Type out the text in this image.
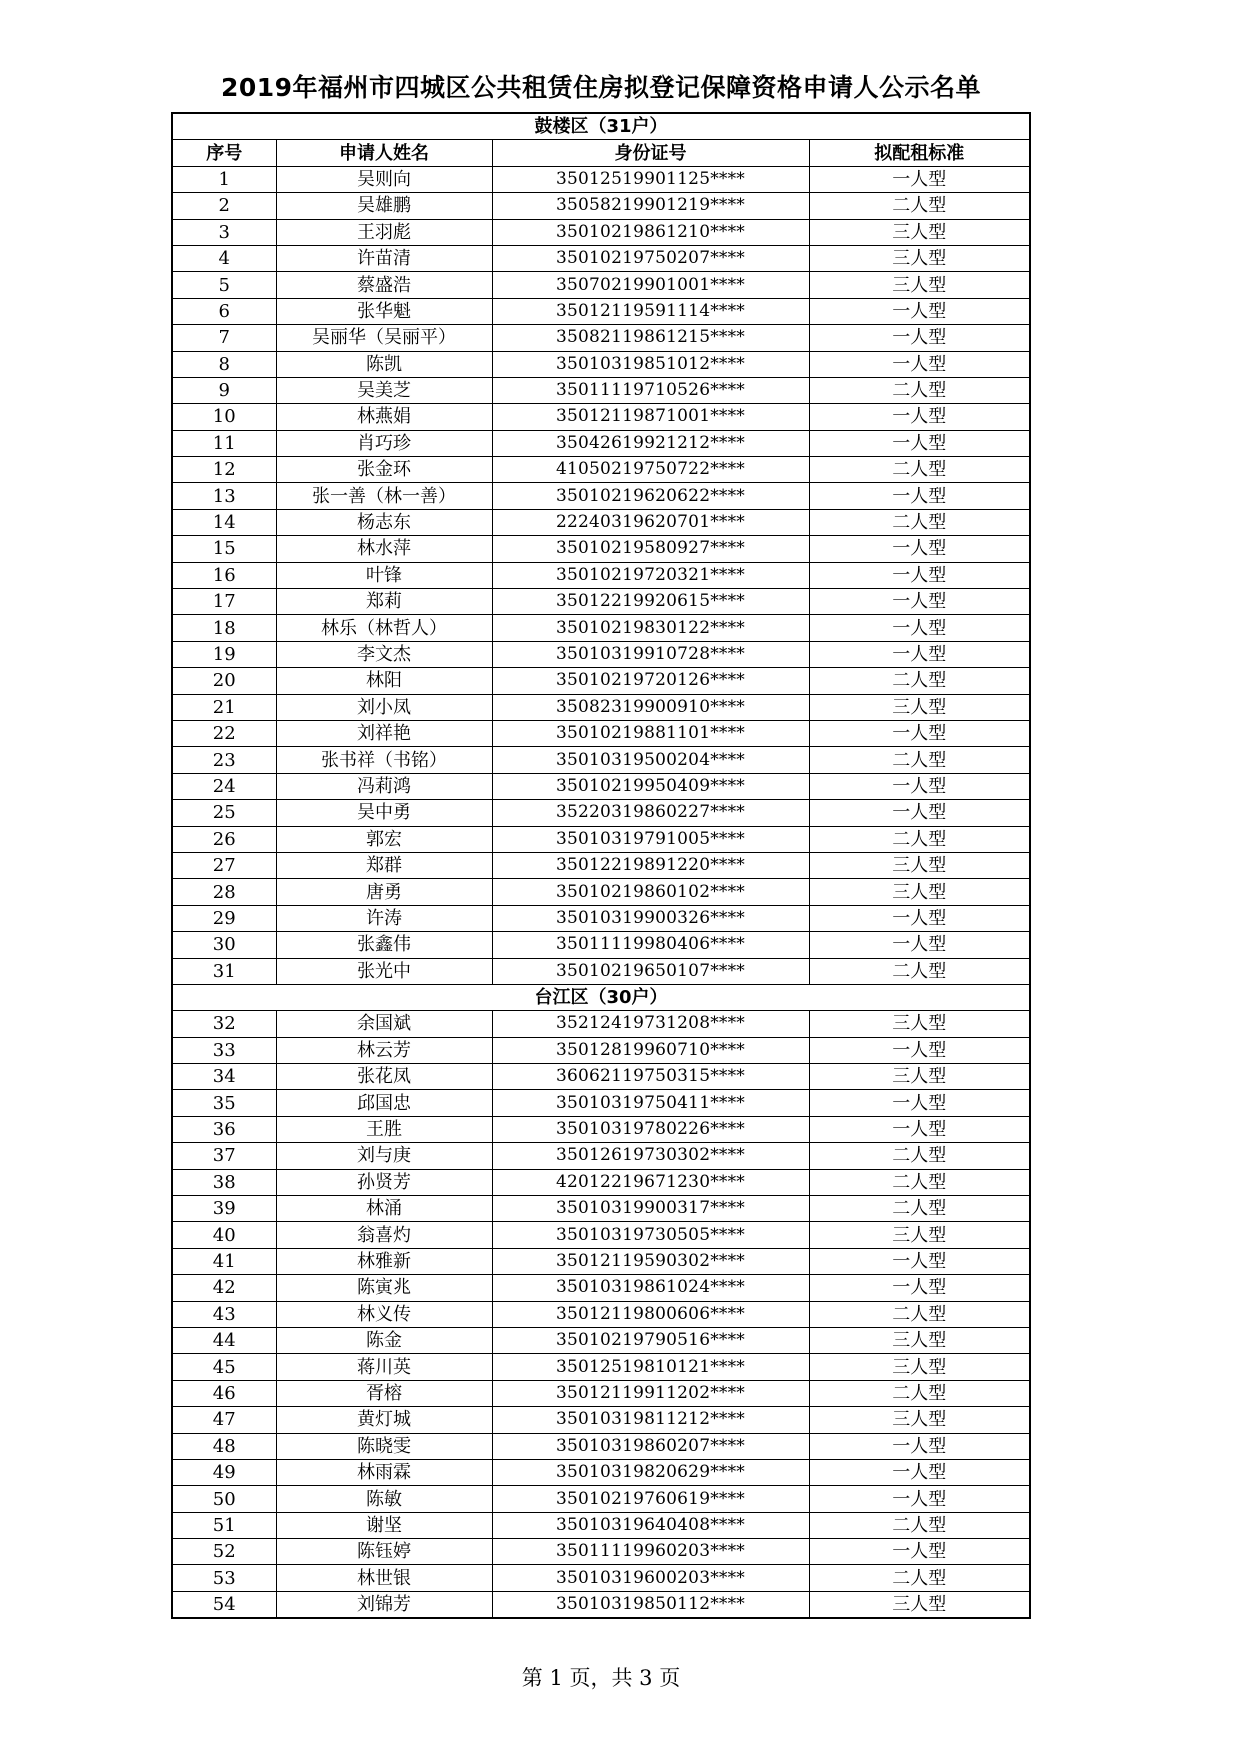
2019年福州市四城区公共租赁住房拟登记保障资格申请人公示名单
鼓楼区（31户）			
序号	申请人姓名	身份证号	拟配租标准
1	吴则向	35012519901125****	一人型
2	吴雄鹏	35058219901219****	二人型
3	王羽彪	35010219861210****	三人型
4	许苗清	35010219750207****	三人型
5	蔡盛浩	35070219901001****	三人型
6	张华魁	35012119591114****	一人型
7	吴丽华（吴丽平）	35082119861215****	一人型
8	陈凯	35010319851012****	一人型
9	吴美芝	35011119710526****	二人型
10	林燕娟	35012119871001****	一人型
11	肖巧珍	35042619921212****	一人型
12	张金环	41050219750722****	二人型
13	张一善（林一善）	35010219620622****	一人型
14	杨志东	22240319620701****	二人型
15	林水萍	35010219580927****	一人型
16	叶锋	35010219720321****	一人型
17	郑莉	35012219920615****	一人型
18	林乐（林哲人）	35010219830122****	一人型
19	李文杰	35010319910728****	一人型
20	林阳	35010219720126****	二人型
21	刘小凤	35082319900910****	三人型
22	刘祥艳	35010219881101****	一人型
23	张书祥（书铭）	35010319500204****	二人型
24	冯莉鸿	35010219950409****	一人型
25	吴中勇	35220319860227****	一人型
26	郭宏	35010319791005****	二人型
27	郑群	35012219891220****	三人型
28	唐勇	35010219860102****	三人型
29	许涛	35010319900326****	一人型
30	张鑫伟	35011119980406****	一人型
31	张光中	35010219650107****	二人型
台江区（30户）			
32	余国斌	35212419731208****	三人型
33	林云芳	35012819960710****	一人型
34	张花凤	36062119750315****	三人型
35	邱国忠	35010319750411****	一人型
36	王胜	35010319780226****	一人型
37	刘与庚	35012619730302****	二人型
38	孙贤芳	42012219671230****	二人型
39	林涌	35010319900317****	二人型
40	翁喜灼	35010319730505****	三人型
41	林雅新	35012119590302****	一人型
42	陈寅兆	35010319861024****	一人型
43	林义传	35012119800606****	二人型
44	陈金	35010219790516****	三人型
45	蒋川英	35012519810121****	三人型
46	胥榕	35012119911202****	二人型
47	黄灯城	35010319811212****	三人型
48	陈晓雯	35010319860207****	一人型
49	林雨霖	35010319820629****	一人型
50	陈敏	35010219760619****	一人型
51	谢坚	35010319640408****	二人型
52	陈钰婷	35011119960203****	一人型
53	林世银	35010319600203****	二人型
54	刘锦芳	35010319850112****	三人型
第 1 页，共 3 页
